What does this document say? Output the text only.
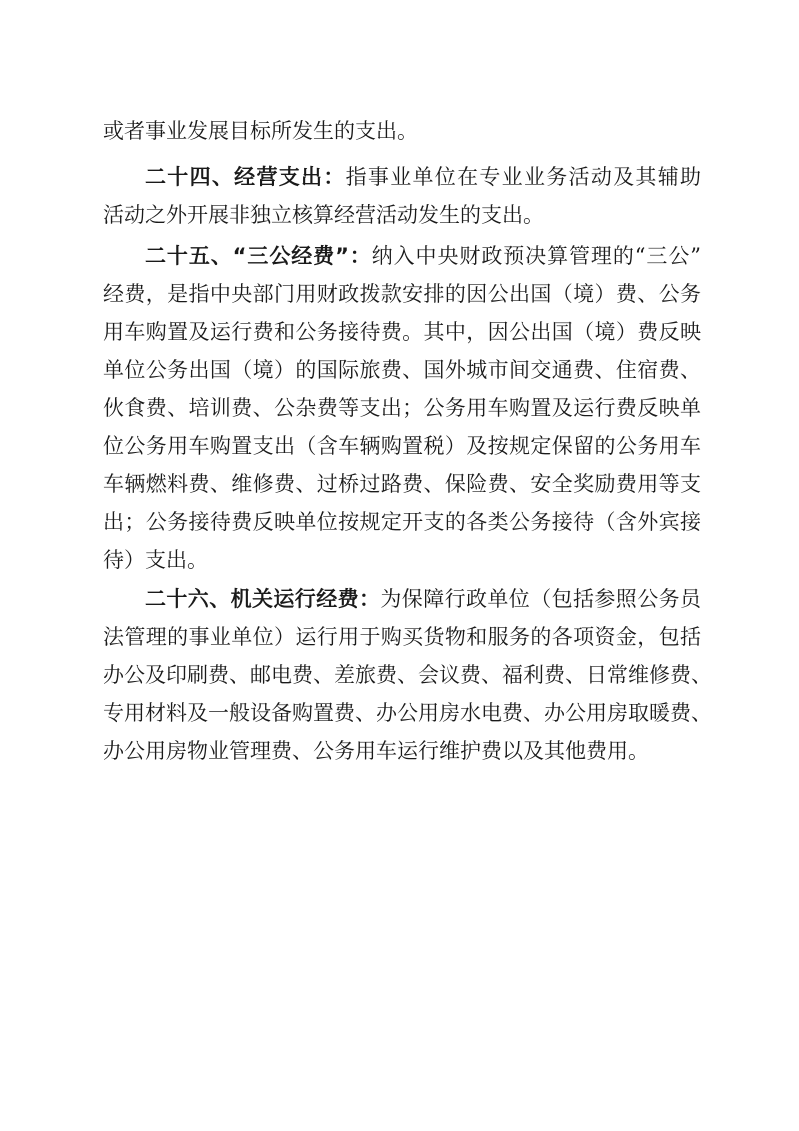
或者事业发展目标所发生的支出。
二十四、经营支出：指事业单位在专业业务活动及其辅助
活动之外开展非独立核算经营活动发生的支出。
二十五、“三公经费”：纳入中央财政预决算管理的“三公”
经费，是指中央部门用财政拨款安排的因公出国（境）费、公务
用车购置及运行费和公务接待费。其中，因公出国（境）费反映
单位公务出国（境）的国际旅费、国外城市间交通费、住宿费、
伙食费、培训费、公杂费等支出；公务用车购置及运行费反映单
位公务用车购置支出（含车辆购置税）及按规定保留的公务用车
车辆燃料费、维修费、过桥过路费、保险费、安全奖励费用等支
出；公务接待费反映单位按规定开支的各类公务接待（含外宾接
待）支出。
二十六、机关运行经费：为保障行政单位（包括参照公务员
法管理的事业单位）运行用于购买货物和服务的各项资金，包括
办公及印刷费、邮电费、差旅费、会议费、福利费、日常维修费、
专用材料及一般设备购置费、办公用房水电费、办公用房取暖费、
办公用房物业管理费、公务用车运行维护费以及其他费用。
